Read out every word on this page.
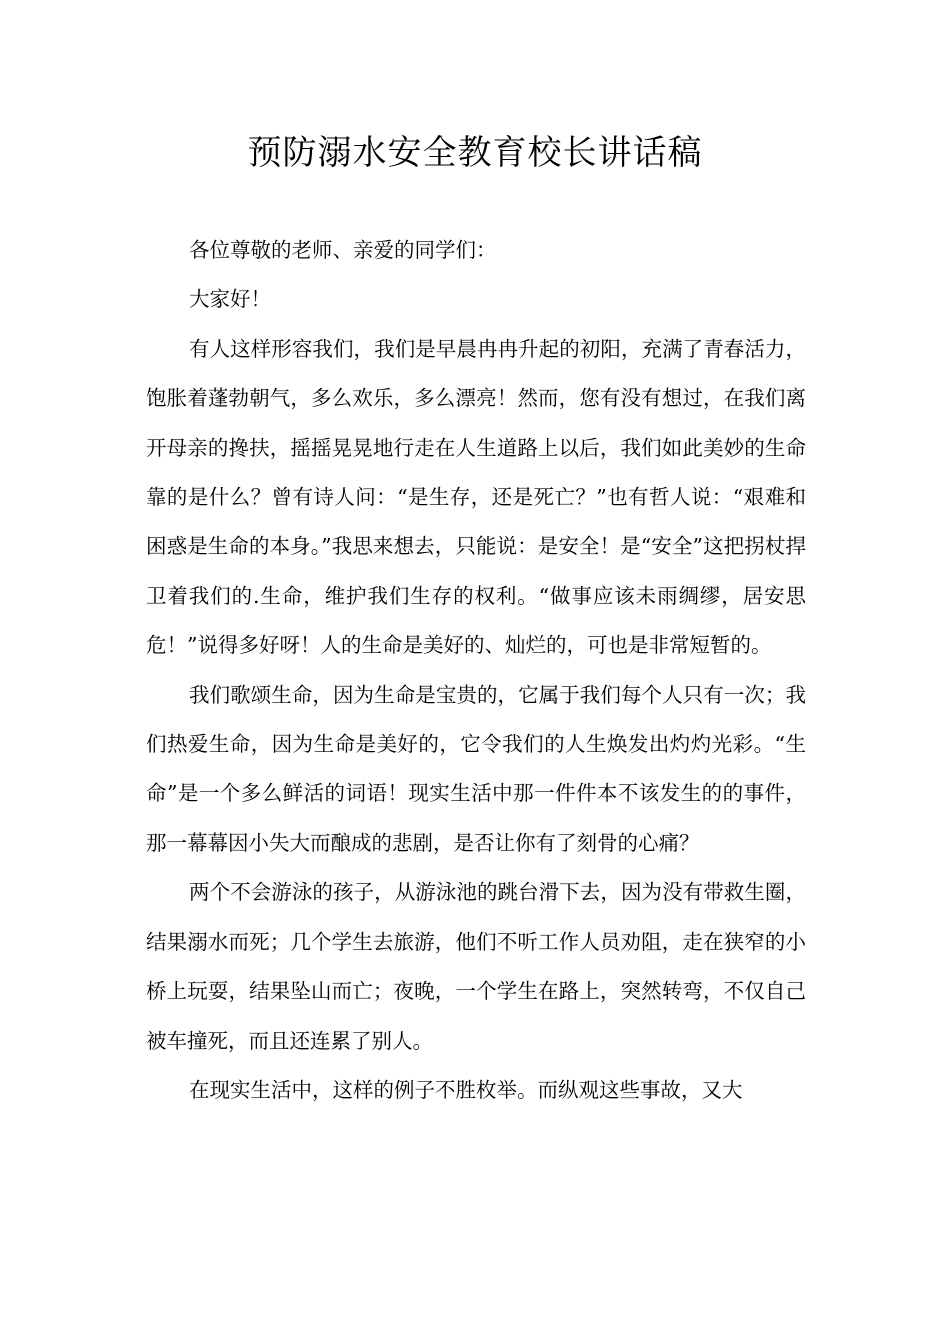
预防溺水安全教育校长讲话稿

各位尊敬的老师、亲爱的同学们：

大家好！

有人这样形容我们，我们是早晨冉冉升起的初阳，充满了青春活力，饱胀着蓬勃朝气，多么欢乐，多么漂亮！然而，您有没有想过，在我们离开母亲的搀扶，摇摇晃晃地行走在人生道路上以后，我们如此美妙的生命靠的是什么？曾有诗人问：“是生存，还是死亡？”也有哲人说：“艰难和困惑是生命的本身。”我思来想去，只能说：是安全！是“安全”这把拐杖捍卫着我们的.生命，维护我们生存的权利。“做事应该未雨绸缪，居安思危！”说得多好呀！人的生命是美好的、灿烂的，可也是非常短暂的。

我们歌颂生命，因为生命是宝贵的，它属于我们每个人只有一次；我们热爱生命，因为生命是美好的，它令我们的人生焕发出灼灼光彩。“生命”是一个多么鲜活的词语！现实生活中那一件件本不该发生的的事件，那一幕幕因小失大而酿成的悲剧，是否让你有了刻骨的心痛？

两个不会游泳的孩子，从游泳池的跳台滑下去，因为没有带救生圈，结果溺水而死；几个学生去旅游，他们不听工作人员劝阻，走在狭窄的小桥上玩耍，结果坠山而亡；夜晚，一个学生在路上，突然转弯，不仅自己被车撞死，而且还连累了别人。

在现实生活中，这样的例子不胜枚举。而纵观这些事故，又大
